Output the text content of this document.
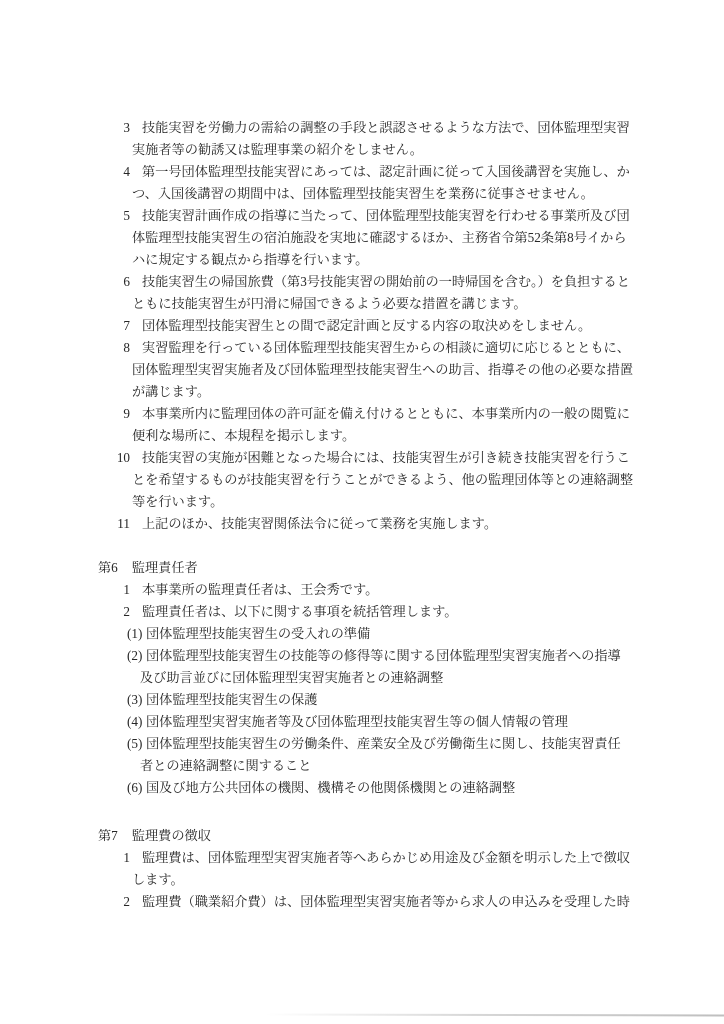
3 技能実習を労働力の需給の調整の手段と誤認させるような方法で、団体監理型実習実施者等の勧誘又は監理事業の紹介をしません。
4 第一号団体監理型技能実習にあっては、認定計画に従って入国後講習を実施し、かつ、入国後講習の期間中は、団体監理型技能実習生を業務に従事させません。
5 技能実習計画作成の指導に当たって、団体監理型技能実習を行わせる事業所及び団体監理型技能実習生の宿泊施設を実地に確認するほか、主務省令第52条第8号イからハに規定する観点から指導を行います。
6 技能実習生の帰国旅費（第3号技能実習の開始前の一時帰国を含む。）を負担するとともに技能実習生が円滑に帰国できるよう必要な措置を講じます。
7 団体監理型技能実習生との間で認定計画と反する内容の取決めをしません。
8 実習監理を行っている団体監理型技能実習生からの相談に適切に応じるとともに、団体監理型実習実施者及び団体監理型技能実習生への助言、指導その他の必要な措置が講じます。
9 本事業所内に監理団体の許可証を備え付けるとともに、本事業所内の一般の閲覧に便利な場所に、本規程を掲示します。
10 技能実習の実施が困難となった場合には、技能実習生が引き続き技能実習を行うことを希望するものが技能実習を行うことができるよう、他の監理団体等との連絡調整等を行います。
11 上記のほか、技能実習関係法令に従って業務を実施します。
第6 監理責任者
1 本事業所の監理責任者は、王会秀です。
2 監理責任者は、以下に関する事項を統括管理します。
(1) 団体監理型技能実習生の受入れの準備
(2) 団体監理型技能実習生の技能等の修得等に関する団体監理型実習実施者への指導及び助言並びに団体監理型実習実施者との連絡調整
(3) 団体監理型技能実習生の保護
(4) 団体監理型実習実施者等及び団体監理型技能実習生等の個人情報の管理
(5) 団体監理型技能実習生の労働条件、産業安全及び労働衛生に関し、技能実習責任者との連絡調整に関すること
(6) 国及び地方公共団体の機関、機構その他関係機関との連絡調整
第7 監理費の徴収
1 監理費は、団体監理型実習実施者等へあらかじめ用途及び金額を明示した上で徴収します。
2 監理費（職業紹介費）は、団体監理型実習実施者等から求人の申込みを受理した時
